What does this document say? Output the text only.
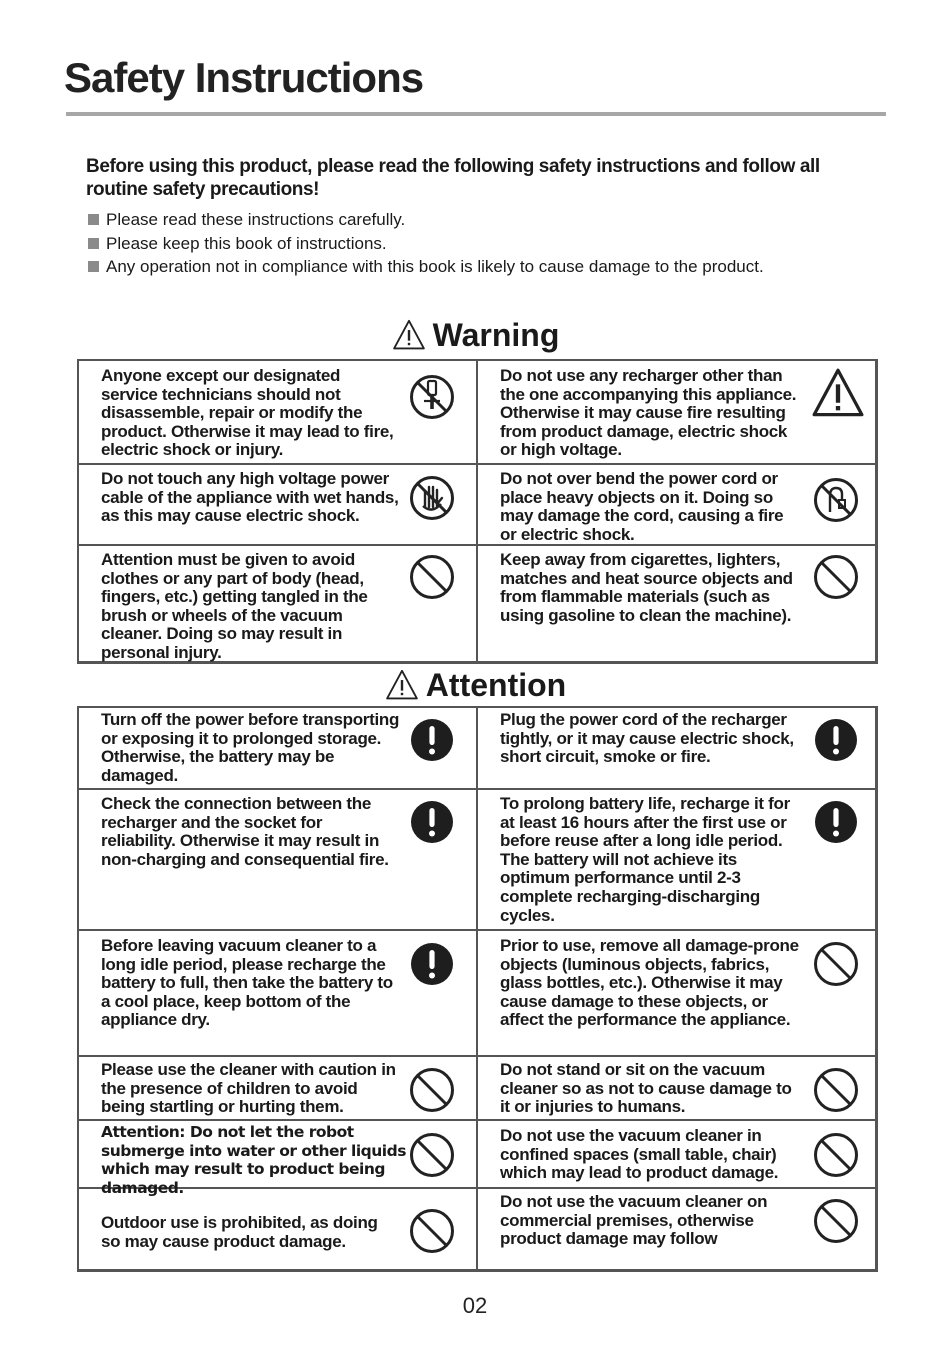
Safety Instructions
Before using this product, please read the following safety instructions and follow all routine safety precautions!
Please read these instructions carefully.
Please keep this book of instructions.
Any operation not in compliance with this book is likely to cause damage to the product.
Warning
Anyone except our designated service technicians should not disassemble, repair or modify the product. Otherwise it may lead to fire, electric shock or injury.
Do not use any recharger other than the one accompanying this appliance. Otherwise it may cause fire resulting from product damage, electric shock or high voltage.
Do not touch any high voltage power cable of the appliance with wet hands, as this may cause electric shock.
Do not over bend the power cord or place heavy objects on it. Doing so may damage the cord, causing a fire or electric shock.
Attention must be given to avoid clothes or any part of body (head, fingers, etc.) getting tangled in the brush or wheels of the vacuum cleaner. Doing so may result in personal injury.
Keep away from cigarettes, lighters, matches and heat source objects and from flammable materials (such as using gasoline to clean the machine).
Attention
Turn off the power before transporting or exposing it to prolonged storage. Otherwise, the battery may be damaged.
Plug the power cord of the recharger tightly, or it may cause electric shock, short circuit, smoke or fire.
Check the connection between the recharger and the socket for reliability. Otherwise it may result in non-charging and consequential fire.
To prolong battery life, recharge it for at least 16 hours after the first use or before reuse after a long idle period. The battery will not achieve its optimum performance until 2-3 complete recharging-discharging cycles.
Before leaving vacuum cleaner to a long idle period, please recharge the battery to full, then take the battery to a cool place, keep bottom of the appliance dry.
Prior to use, remove all damage-prone objects (luminous objects, fabrics, glass bottles, etc.). Otherwise it may cause damage to these objects, or affect the performance the appliance.
Please use the cleaner with caution in the presence of children to avoid being startling or hurting them.
Do not stand or sit on the vacuum cleaner so as not to cause damage to it or injuries to humans.
Attention: Do not let the robot submerge into water or other liquids which may result to product being damaged.
Do not use the vacuum cleaner in confined spaces (small table, chair) which may lead to product damage.
Outdoor use is prohibited, as doing so may cause product damage.
Do not use the vacuum cleaner on commercial premises, otherwise product damage may follow
02
